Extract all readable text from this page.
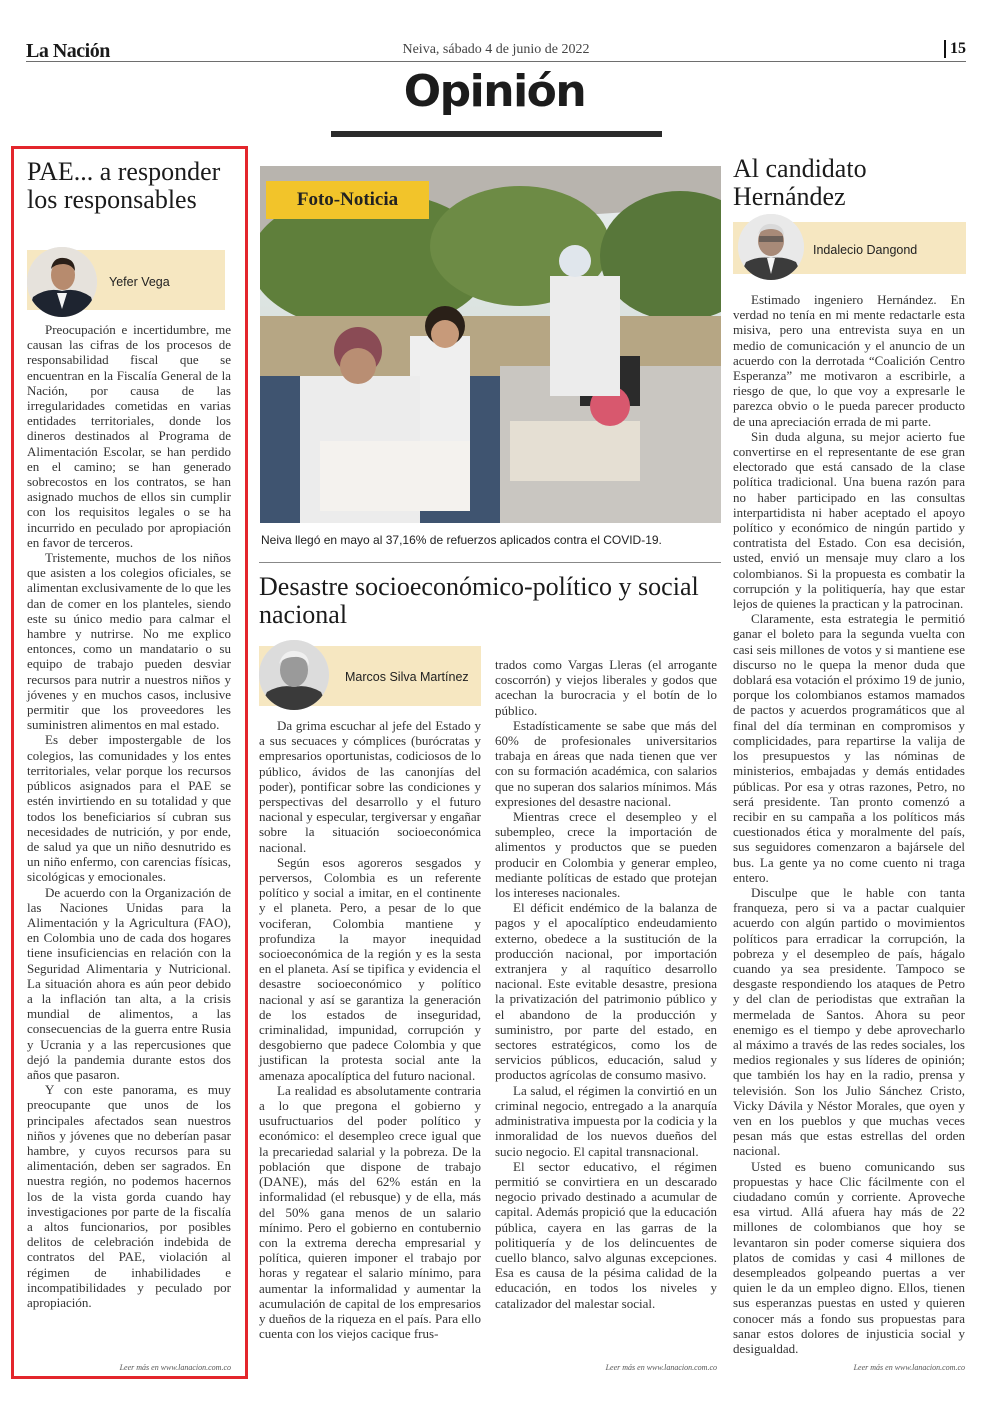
La Nación	Neiva, sábado 4 de junio de 2022	15
Opinión
PAE... a responder los responsables
Yefer Vega

Preocupación e incertidumbre, me causan las cifras de los procesos de responsabilidad fiscal que se encuentran en la Fiscalía General de la Nación, por causa de las irregularidades cometidas en varias entidades territoriales, donde los dineros destinados al Programa de Alimentación Escolar, se han perdido en el camino; se han generado sobrecostos en los contratos, se han asignado muchos de ellos sin cumplir con los requisitos legales o se ha incurrido en peculado por apropiación en favor de terceros.

Tristemente, muchos de los niños que asisten a los colegios oficiales, se alimentan exclusivamente de lo que les dan de comer en los planteles, siendo este su único medio para calmar el hambre y nutrirse. No me explico entonces, como un mandatario o su equipo de trabajo pueden desviar recursos para nutrir a nuestros niños y jóvenes y en muchos casos, inclusive permitir que los proveedores les suministren alimentos en mal estado.

Es deber impostergable de los colegios, las comunidades y los entes territoriales, velar porque los recursos públicos asignados para el PAE se estén invirtiendo en su totalidad y que todos los beneficiarios sí cubran sus necesidades de nutrición, y por ende, de salud ya que un niño desnutrido es un niño enfermo, con carencias físicas, sicológicas y emocionales.

De acuerdo con la Organización de las Naciones Unidas para la Alimentación y la Agricultura (FAO), en Colombia uno de cada dos hogares tiene insuficiencias en relación con la Seguridad Alimentaria y Nutricional. La situación ahora es aún peor debido a la inflación tan alta, a la crisis mundial de alimentos, a las consecuencias de la guerra entre Rusia y Ucrania y a las repercusiones que dejó la pandemia durante estos dos años que pasaron.

Y con este panorama, es muy preocupante que unos de los principales afectados sean nuestros niños y jóvenes que no deberían pasar hambre, y cuyos recursos para su alimentación, deben ser sagrados. En nuestra región, no podemos hacernos los de la vista gorda cuando hay investigaciones por parte de la fiscalía a altos funcionarios, por posibles delitos de celebración indebida de contratos del PAE, violación al régimen de inhabilidades e incompatibilidades y peculado por apropiación.

Leer más en www.lanacion.com.co
Foto-Noticia
Neiva llegó en mayo al 37,16% de refuerzos aplicados contra el COVID-19.
Desastre socioeconómico-político y social nacional
Marcos Silva Martínez

Da grima escuchar al jefe del Estado y a sus secuaces y cómplices (burócratas y empresarios oportunistas, codiciosos de lo público, ávidos de las canonjías del poder), pontificar sobre las condiciones y perspectivas del desarrollo y el futuro nacional y especular, tergiversar y engañar sobre la situación socioeconómica nacional.

Según esos agoreros sesgados y perversos, Colombia es un referente político y social a imitar, en el continente y el planeta. Pero, a pesar de lo que vociferan, Colombia mantiene y profundiza la mayor inequidad socioeconómica de la región y es la sesta en el planeta. Así se tipifica y evidencia el desastre socioeconómico y político nacional y así se garantiza la generación de los estados de inseguridad, criminalidad, impunidad, corrupción y desgobierno que padece Colombia y que justifican la protesta social ante la amenaza apocalíptica del futuro nacional.

La realidad es absolutamente contraria a lo que pregona el gobierno y usufructuarios del poder político y económico: el desempleo crece igual que la precariedad salarial y la pobreza. De la población que dispone de trabajo (DANE), más del 62% están en la informalidad (el rebusque) y de ella, más del 50% gana menos de un salario mínimo. Pero el gobierno en contubernio con la extrema derecha empresarial y política, quieren imponer el trabajo por horas y regatear el salario mínimo, para aumentar la informalidad y aumentar la acumulación de capital de los empresarios y dueños de la riqueza en el país. Para ello cuenta con los viejos cacique frus-

trados como Vargas Lleras (el arrogante coscorrón) y viejos liberales y godos que acechan la burocracia y el botín de lo público.

Estadísticamente se sabe que más del 60% de profesionales universitarios trabaja en áreas que nada tienen que ver con su formación académica, con salarios que no superan dos salarios mínimos. Más expresiones del desastre nacional.

Mientras crece el desempleo y el subempleo, crece la importación de alimentos y productos que se pueden producir en Colombia y generar empleo, mediante políticas de estado que protejan los intereses nacionales.

El déficit endémico de la balanza de pagos y el apocalíptico endeudamiento externo, obedece a la sustitución de la producción nacional, por importación extranjera y al raquítico desarrollo nacional. Este evitable desastre, presiona la privatización del patrimonio público y el abandono de la producción y suministro, por parte del estado, en sectores estratégicos, como los de servicios públicos, educación, salud y productos agrícolas de consumo masivo.

La salud, el régimen la convirtió en un criminal negocio, entregado a la anarquía administrativa impuesta por la codicia y la inmoralidad de los nuevos dueños del sucio negocio. El capital transnacional.

El sector educativo, el régimen permitió se convirtiera en un descarado negocio privado destinado a acumular de capital. Además propició que la educación pública, cayera en las garras de la politiquería y de los delincuentes de cuello blanco, salvo algunas excepciones. Esa es causa de la pésima calidad de la educación, en todos los niveles y catalizador del malestar social.

Leer más en www.lanacion.com.co
Al candidato Hernández
Indalecio Dangond

Estimado ingeniero Hernández. En verdad no tenía en mi mente redactarle esta misiva, pero una entrevista suya en un medio de comunicación y el anuncio de un acuerdo con la derrotada “Coalición Centro Esperanza” me motivaron a escribirle, a riesgo de que, lo que voy a expresarle le parezca obvio o le pueda parecer producto de una apreciación errada de mi parte.

Sin duda alguna, su mejor acierto fue convertirse en el representante de ese gran electorado que está cansado de la clase política tradicional. Una buena razón para no haber participado en las consultas interpartidista ni haber aceptado el apoyo político y económico de ningún partido y contratista del Estado. Con esa decisión, usted, envió un mensaje muy claro a los colombianos. Si la propuesta es combatir la corrupción y la politiquería, hay que estar lejos de quienes la practican y la patrocinan.

Claramente, esta estrategia le permitió ganar el boleto para la segunda vuelta con casi seis millones de votos y si mantiene ese discurso no le quepa la menor duda que doblará esa votación el próximo 19 de junio, porque los colombianos estamos mamados de pactos y acuerdos programáticos que al final del día terminan en compromisos y complicidades, para repartirse la valija de los presupuestos y las nóminas de ministerios, embajadas y demás entidades públicas. Por esa y otras razones, Petro, no será presidente. Tan pronto comenzó a recibir en su campaña a los políticos más cuestionados ética y moralmente del país, sus seguidores comenzaron a bajársele del bus. La gente ya no come cuento ni traga entero.

Disculpe que le hable con tanta franqueza, pero si va a pactar cualquier acuerdo con algún partido o movimientos políticos para erradicar la corrupción, la pobreza y el desempleo de país, hágalo cuando ya sea presidente. Tampoco se desgaste respondiendo los ataques de Petro y del clan de periodistas que extrañan la mermelada de Santos. Ahora su peor enemigo es el tiempo y debe aprovecharlo al máximo a través de las redes sociales, los medios regionales y sus líderes de opinión; que también los hay en la radio, prensa y televisión. Son los Julio Sánchez Cristo, Vicky Dávila y Néstor Morales, que oyen y ven en los pueblos y que muchas veces pesan más que estas estrellas del orden nacional.

Usted es bueno comunicando sus propuestas y hace Clic fácilmente con el ciudadano común y corriente. Aproveche esa virtud. Allá afuera hay más de 22 millones de colombianos que hoy se levantaron sin poder comerse siquiera dos platos de comidas y casi 4 millones de desempleados golpeando puertas a ver quien le da un empleo digno. Ellos, tienen sus esperanzas puestas en usted y quieren conocer más a fondo sus propuestas para sanar estos dolores de injusticia social y desigualdad.

Leer más en www.lanacion.com.co
